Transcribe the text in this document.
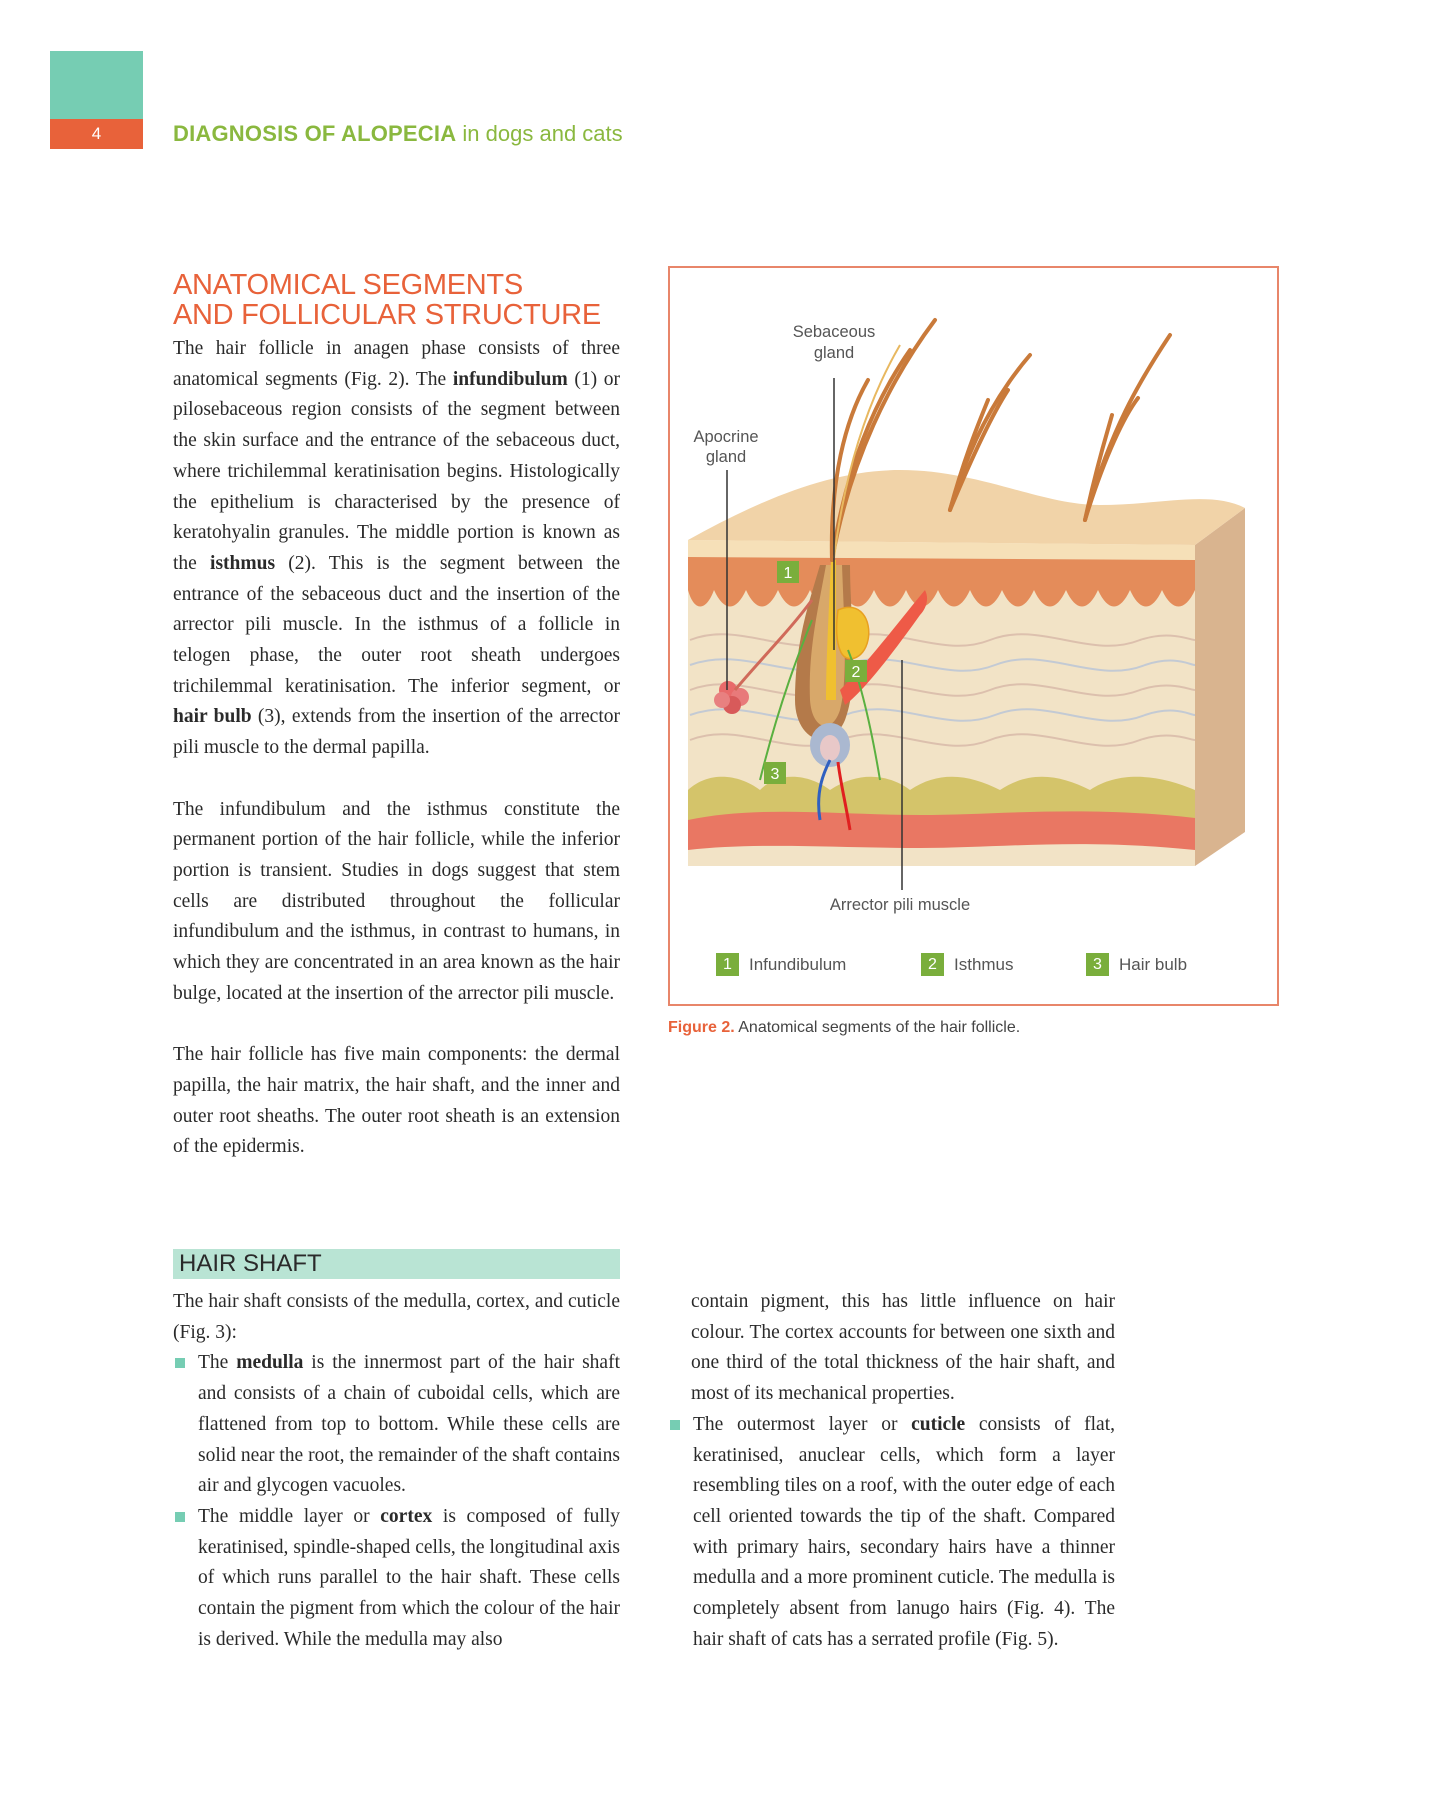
4	DIAGNOSIS OF ALOPECIA in dogs and cats
ANATOMICAL SEGMENTS
AND FOLLICULAR STRUCTURE

The hair follicle in anagen phase consists of three anatomical segments (Fig. 2). The infundibulum (1) or pilosebaceous region consists of the segment between the skin surface and the entrance of the sebaceous duct, where trichilemmal keratinisation begins. Histologically the epithelium is characterised by the presence of keratohyalin granules. The middle portion is known as the isthmus (2). This is the segment between the entrance of the sebaceous duct and the insertion of the arrector pili muscle. In the isthmus of a follicle in telogen phase, the outer root sheath undergoes trichilemmal keratinisation. The inferior segment, or hair bulb (3), extends from the insertion of the arrector pili muscle to the dermal papilla.

The infundibulum and the isthmus constitute the permanent portion of the hair follicle, while the inferior portion is transient. Studies in dogs suggest that stem cells are distributed throughout the follicular infundibulum and the isthmus, in contrast to humans, in which they are concentrated in an area known as the hair bulge, located at the insertion of the arrector pili muscle.

The hair follicle has five main components: the dermal papilla, the hair matrix, the hair shaft, and the inner and outer root sheaths. The outer root sheath is an extension of the epidermis.

1
2
3
Sebaceous
gland
Apocrine
gland
Arrector pili muscle
1	Infundibulum	2	Isthmus	3	Hair bulb
Figure 2. Anatomical segments of the hair follicle.
HAIR SHAFT

The hair shaft consists of the medulla, cortex, and cuticle (Fig. 3):

The medulla is the innermost part of the hair shaft and consists of a chain of cuboidal cells, which are flattened from top to bottom. While these cells are solid near the root, the remainder of the shaft contains air and glycogen vacuoles.
The middle layer or cortex is composed of fully keratinised, spindle-shaped cells, the longitudinal axis of which runs parallel to the hair shaft. These cells contain the pigment from which the colour of the hair is derived. While the medulla may also
contain pigment, this has little influence on hair colour. The cortex accounts for between one sixth and one third of the total thickness of the hair shaft, and most of its mechanical properties.
The outermost layer or cuticle consists of flat, keratinised, anuclear cells, which form a layer resembling tiles on a roof, with the outer edge of each cell oriented towards the tip of the shaft. Compared with primary hairs, secondary hairs have a thinner medulla and a more prominent cuticle. The medulla is completely absent from lanugo hairs (Fig. 4). The hair shaft of cats has a serrated profile (Fig. 5).
